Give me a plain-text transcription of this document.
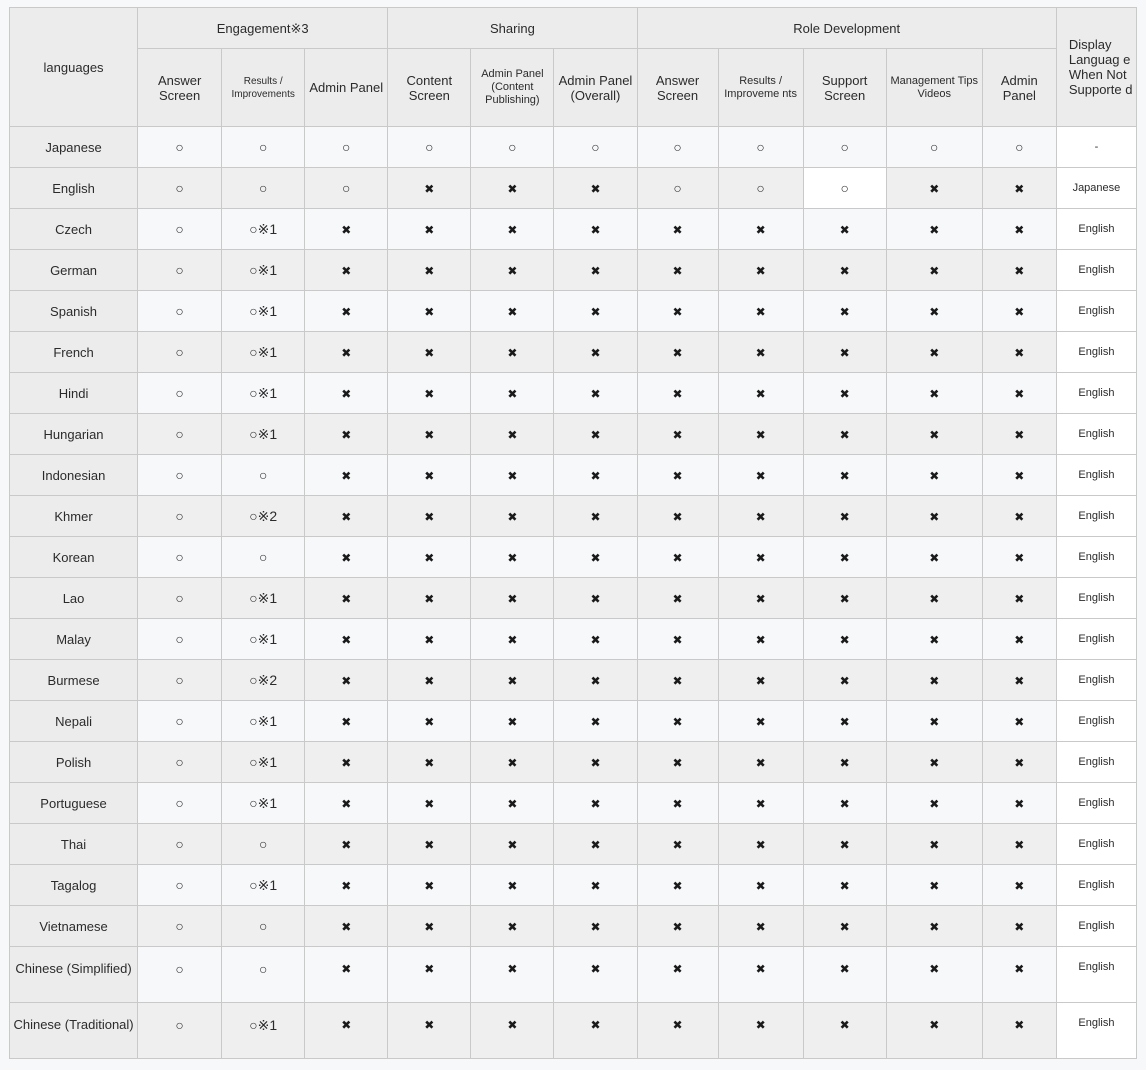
languages	Engagement※3			Sharing			Role Development					Display Languag e When Not Supporte d
	Answer Screen	Results / Improvements	Admin Panel	Content Screen	Admin Panel (Content Publishing)	Admin Panel (Overall)	Answer Screen	Results / Improveme nts	Support Screen	Management Tips Videos	Admin Panel	
Japanese	○	○	○	○	○	○	○	○	○	○	○	-
English	○	○	○	✖	✖	✖	○	○	○	✖	✖	Japanese
Czech	○	○※1	✖	✖	✖	✖	✖	✖	✖	✖	✖	English
German	○	○※1	✖	✖	✖	✖	✖	✖	✖	✖	✖	English
Spanish	○	○※1	✖	✖	✖	✖	✖	✖	✖	✖	✖	English
French	○	○※1	✖	✖	✖	✖	✖	✖	✖	✖	✖	English
Hindi	○	○※1	✖	✖	✖	✖	✖	✖	✖	✖	✖	English
Hungarian	○	○※1	✖	✖	✖	✖	✖	✖	✖	✖	✖	English
Indonesian	○	○	✖	✖	✖	✖	✖	✖	✖	✖	✖	English
Khmer	○	○※2	✖	✖	✖	✖	✖	✖	✖	✖	✖	English
Korean	○	○	✖	✖	✖	✖	✖	✖	✖	✖	✖	English
Lao	○	○※1	✖	✖	✖	✖	✖	✖	✖	✖	✖	English
Malay	○	○※1	✖	✖	✖	✖	✖	✖	✖	✖	✖	English
Burmese	○	○※2	✖	✖	✖	✖	✖	✖	✖	✖	✖	English
Nepali	○	○※1	✖	✖	✖	✖	✖	✖	✖	✖	✖	English
Polish	○	○※1	✖	✖	✖	✖	✖	✖	✖	✖	✖	English
Portuguese	○	○※1	✖	✖	✖	✖	✖	✖	✖	✖	✖	English
Thai	○	○	✖	✖	✖	✖	✖	✖	✖	✖	✖	English
Tagalog	○	○※1	✖	✖	✖	✖	✖	✖	✖	✖	✖	English
Vietnamese	○	○	✖	✖	✖	✖	✖	✖	✖	✖	✖	English
Chinese (Simplified)	○	○	✖	✖	✖	✖	✖	✖	✖	✖	✖	English
Chinese (Traditional)	○	○※1	✖	✖	✖	✖	✖	✖	✖	✖	✖	English
